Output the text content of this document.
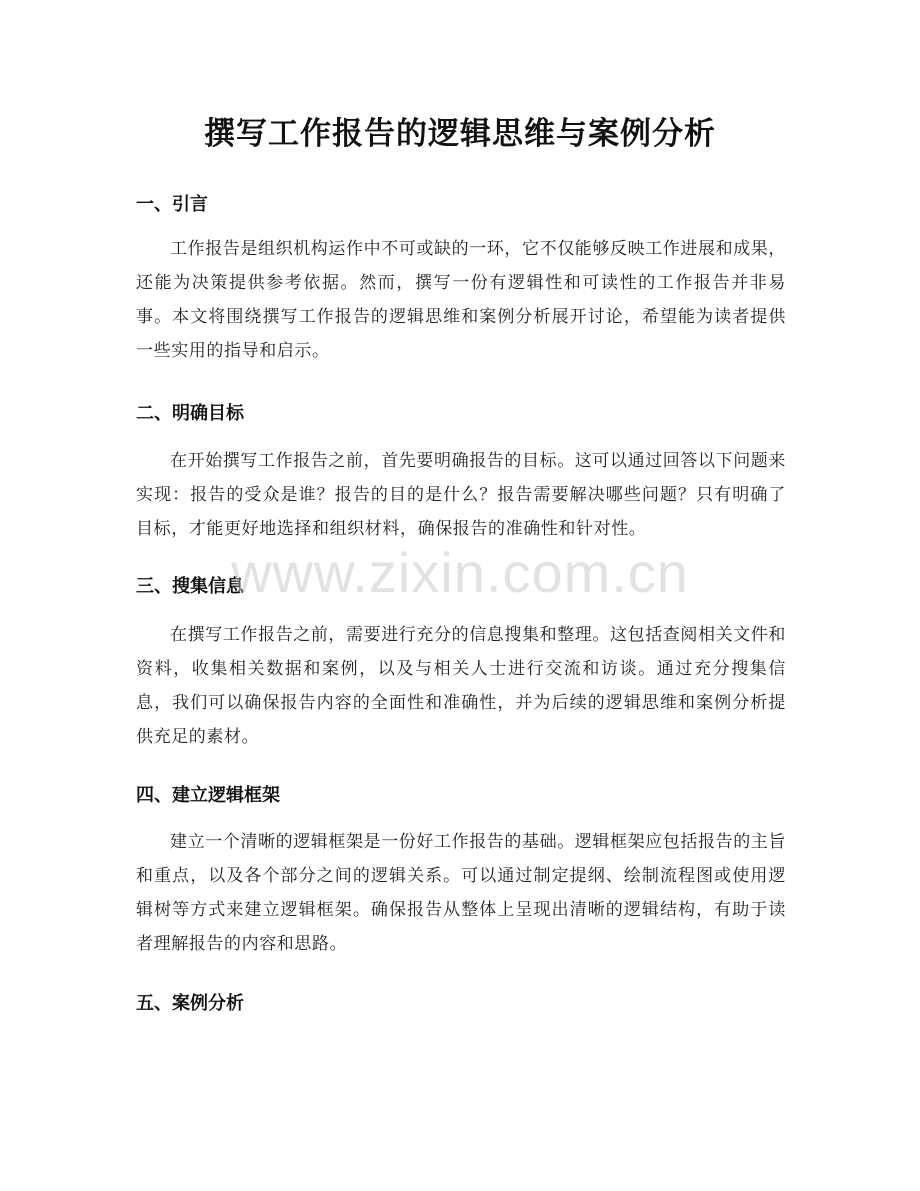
撰写工作报告的逻辑思维与案例分析
一、引言

工作报告是组织机构运作中不可或缺的一环，它不仅能够反映工作进展和成果，还能为决策提供参考依据。然而，撰写一份有逻辑性和可读性的工作报告并非易事。本文将围绕撰写工作报告的逻辑思维和案例分析展开讨论，希望能为读者提供一些实用的指导和启示。

二、明确目标

在开始撰写工作报告之前，首先要明确报告的目标。这可以通过回答以下问题来实现：报告的受众是谁？报告的目的是什么？报告需要解决哪些问题？只有明确了目标，才能更好地选择和组织材料，确保报告的准确性和针对性。

三、搜集信息

在撰写工作报告之前，需要进行充分的信息搜集和整理。这包括查阅相关文件和资料，收集相关数据和案例，以及与相关人士进行交流和访谈。通过充分搜集信息，我们可以确保报告内容的全面性和准确性，并为后续的逻辑思维和案例分析提供充足的素材。

四、建立逻辑框架

建立一个清晰的逻辑框架是一份好工作报告的基础。逻辑框架应包括报告的主旨和重点，以及各个部分之间的逻辑关系。可以通过制定提纲、绘制流程图或使用逻辑树等方式来建立逻辑框架。确保报告从整体上呈现出清晰的逻辑结构，有助于读者理解报告的内容和思路。

五、案例分析
www.zixin.com.cn
